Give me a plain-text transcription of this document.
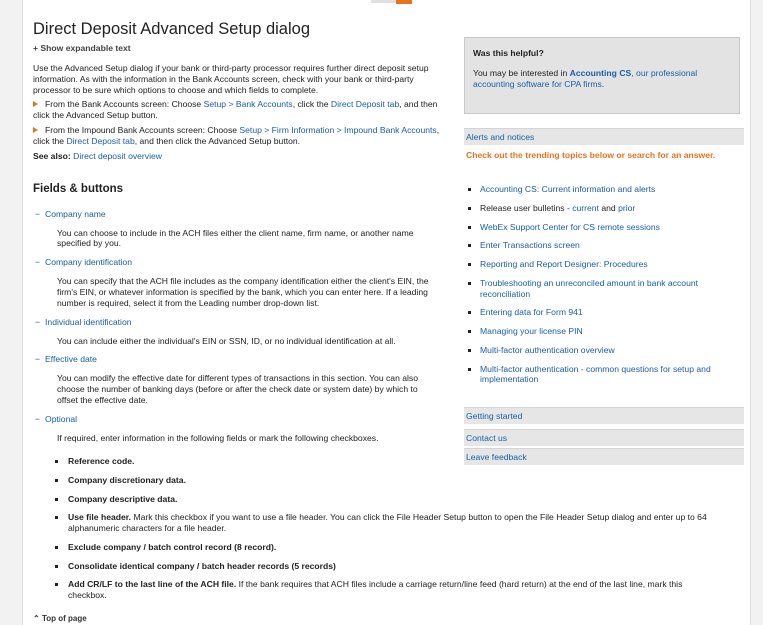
Direct Deposit Advanced Setup dialog
+ Show expandable text

Use the Advanced Setup dialog if your bank or third-party processor requires further direct deposit setup information. As with the information in the Bank Accounts screen, check with your bank or third-party processor to be sure which options to choose and which fields to complete.

From the Bank Accounts screen: Choose Setup > Bank Accounts, click the Direct Deposit tab, and then click the Advanced Setup button.
From the Impound Bank Accounts screen: Choose Setup > Firm Information > Impound Bank Accounts, click the Direct Deposit tab, and then click the Advanced Setup button.
See also: Direct deposit overview
Fields & buttons
− Company name

You can choose to include in the ACH files either the client name, firm name, or another name specified by you.

− Company identification

You can specify that the ACH file includes as the company identification either the client's EIN, the firm's EIN, or whatever information is specified by the bank, which you can enter here. If a leading number is required, select it from the Leading number drop-down list.

− Individual identification

You can include either the individual's EIN or SSN, ID, or no individual identification at all.

− Effective date

You can modify the effective date for different types of transactions in this section. You can also choose the number of banking days (before or after the check date or system date) by which to offset the effective date.

− Optional

If required, enter information in the following fields or mark the following checkboxes.

Reference code.
Company discretionary data.
Company descriptive data.
Use file header. Mark this checkbox if you want to use a file header. You can click the File Header Setup button to open the File Header Setup dialog and enter up to 64 alphanumeric characters for a file header.
Exclude company / batch control record (8 record).
Consolidate identical company / batch header records (5 records)
Add CR/LF to the last line of the ACH file. If the bank requires that ACH files include a carriage return/line feed (hard return) at the end of the last line, mark this checkbox.
⌃ Top of page
Was this helpful?

You may be interested in Accounting CS, our professional accounting software for CPA firms.

Alerts and notices
Check out the trending topics below or search for an answer.
Accounting CS: Current information and alerts
Release user bulletins - current and prior
WebEx Support Center for CS remote sessions
Enter Transactions screen
Reporting and Report Designer: Procedures
Troubleshooting an unreconciled amount in bank account reconciliation
Entering data for Form 941
Managing your license PIN
Multi-factor authentication overview
Multi-factor authentication - common questions for setup and implementation
Getting started
Contact us
Leave feedback
